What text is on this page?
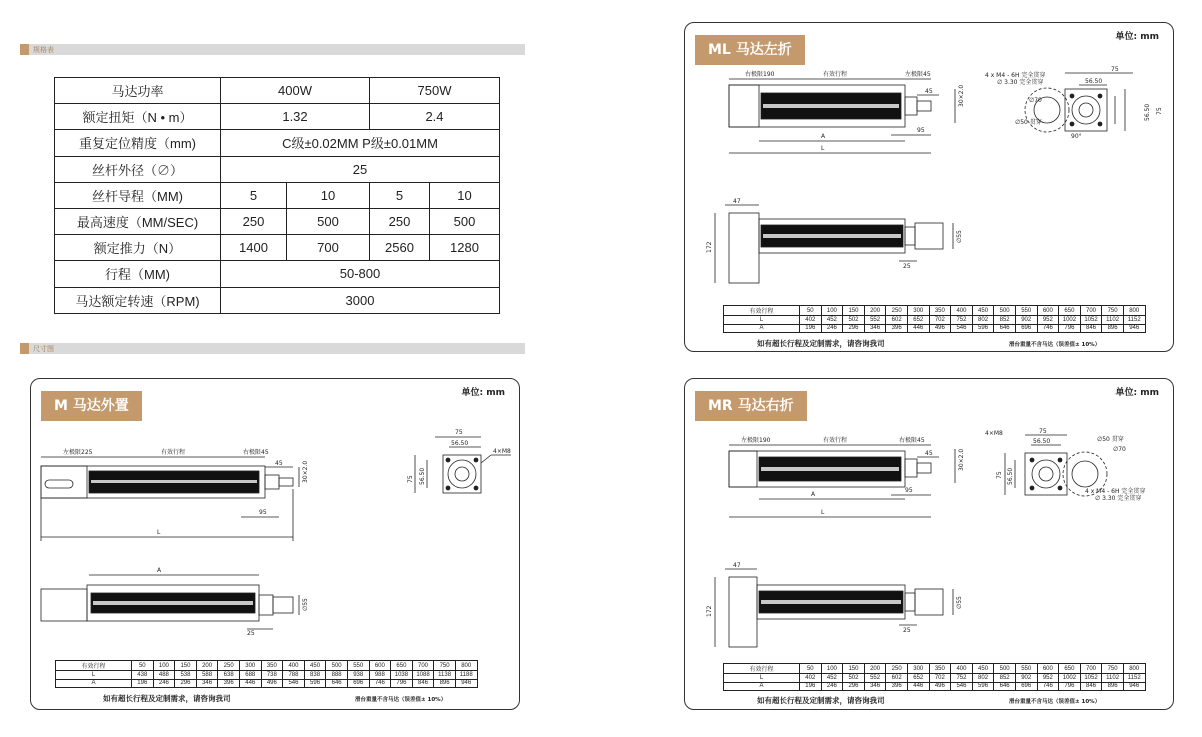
规格表
尺寸图
马达功率	400W		750W	
额定扭矩（N • m）	1.32		2.4	
重复定位精度（mm)	C级±0.02MM P级±0.01MM			
丝杆外径（∅）	25			
丝杆导程（MM)	5	10	5	10
最高速度（MM/SEC)	250	500	250	500
额定推力（N）	1400	700	2560	1280
行程（MM)	50-800			
马达额定转速（RPM)	3000			
M 马达外置
单位: mm
左极限225	有效行程	右极限45
30×2.0
45
95
L
A
75
56.50
4×M8
75 56.50
∅55
25
有效行程	50	100	150	200	250	300	350	400	450	500	550	600	650	700	750	800
L	438	488	538	588	638	688	738	788	838	888	938	988	1038	1088	1138	1188
A	196	246	296	346	396	446	496	546	596	646	696	746	796	846	896	946
如有超长行程及定制需求，请咨询我司	滑台重量不含马达（误差值± 10%）
ML 马达左折
单位: mm
右极限190	有效行程	左极限45
30×2.0
45
95
A
L
4 x M4 - 6H 完全贯穿
∅ 3.30 完全贯穿
∅70
∅50 贯穿
90°
75
56.50
56.50 75
47
172
∅55
25
有效行程	50	100	150	200	250	300	350	400	450	500	550	600	650	700	750	800
L	402	452	502	552	602	652	702	752	802	852	902	952	1002	1052	1102	1152
A	196	246	296	346	396	446	496	546	596	646	696	746	796	846	896	946
如有超长行程及定制需求，请咨询我司	滑台重量不含马达（误差值± 10%）
MR 马达右折
单位: mm
左极限190	有效行程	右极限45
30×2.0
45
95
A
L
4×M8	75
56.50
75 56.50
∅50 贯穿
∅70
4 x M4 - 6H 完全贯穿
∅ 3.30 完全贯穿
47
172
∅55
25
有效行程	50	100	150	200	250	300	350	400	450	500	550	600	650	700	750	800
L	402	452	502	552	602	652	702	752	802	852	902	952	1002	1052	1102	1152
A	196	246	296	346	396	446	496	546	596	646	696	746	796	846	896	946
如有超长行程及定制需求，请咨询我司	滑台重量不含马达（误差值± 10%）
